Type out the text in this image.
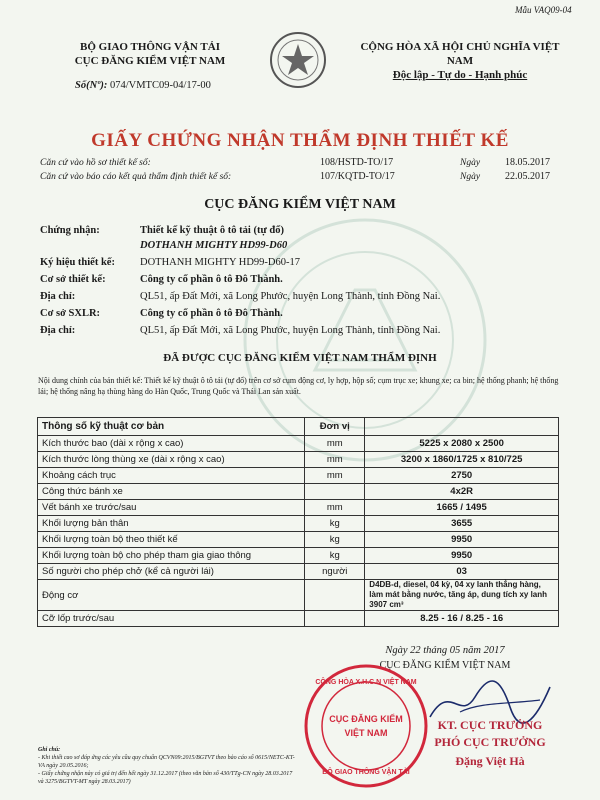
Mẫu VAQ09-04
BỘ GIAO THÔNG VẬN TẢI
CỤC ĐĂNG KIỂM VIỆT NAM
CỘNG HÒA XÃ HỘI CHỦ NGHĨA VIỆT NAM
Độc lập - Tự do - Hạnh phúc
Số(Nº): 074/VMTC09-04/17-00
GIẤY CHỨNG NHẬN THẨM ĐỊNH THIẾT KẾ
Căn cứ vào hồ sơ thiết kế số:	108/HSTD-TO/17	Ngày 18.05.2017
Căn cứ vào báo cáo kết quả thẩm định thiết kế số:	107/KQTD-TO/17	Ngày 22.05.2017
CỤC ĐĂNG KIỂM VIỆT NAM
Chứng nhận:	Thiết kế kỹ thuật ô tô tải (tự đổ)
DOTHANH MIGHTY HD99-D60
Ký hiệu thiết kế: DOTHANH MIGHTY HD99-D60-17
Cơ sở thiết kế:	Công ty cổ phần ô tô Đô Thành.
Địa chỉ:	QL51, ấp Đất Mới, xã Long Phước, huyện Long Thành, tỉnh Đồng Nai.
Cơ sở SXLR:	Công ty cổ phần ô tô Đô Thành.
Địa chỉ:	QL51, ấp Đất Mới, xã Long Phước, huyện Long Thành, tỉnh Đồng Nai.
ĐÃ ĐƯỢC CỤC ĐĂNG KIỂM VIỆT NAM THẨM ĐỊNH
Nội dung chính của bản thiết kế: Thiết kế kỹ thuật ô tô tải (tự đổ) trên cơ sở cụm động cơ, ly hợp, hộp số; cụm trục xe; khung xe; ca bin; hệ thống phanh; hệ thống lái; hệ thống nâng hạ thùng hàng do Hàn Quốc, Trung Quốc và Thái Lan sản xuất.
Thông số kỹ thuật cơ bản	Đơn vị	
Kích thước bao (dài x rộng x cao)	mm	5225 x 2080 x 2500
Kích thước lòng thùng xe (dài x rộng x cao)	mm	3200 x 1860/1725 x 810/725
Khoảng cách trục	mm	2750
Công thức bánh xe		4x2R
Vết bánh xe trước/sau	mm	1665 / 1495
Khối lượng bản thân	kg	3655
Khối lượng toàn bộ theo thiết kế	kg	9950
Khối lượng toàn bộ cho phép tham gia giao thông	kg	9950
Số người cho phép chở (kể cả người lái)	người	03
Động cơ		D4DB-d, diesel, 04 kỳ, 04 xy lanh thẳng hàng, làm mát bằng nước, tăng áp, dung tích xy lanh 3907 cm³
Cỡ lốp trước/sau		8.25 - 16 / 8.25 - 16
Ngày 22 tháng 05 năm 2017
CỤC ĐĂNG KIỂM VIỆT NAM
CỘNG HÒA X.H.C.N VIỆT NAM
CỤC ĐĂNG KIỂM
VIỆT NAM
BỘ GIAO THÔNG VẬN TẢI
KT. CỤC TRƯỞNG
PHÓ CỤC TRƯỞNG
Đặng Việt Hà
Ghi chú:
- Khi thiết cao sơ đáp ứng các yêu cầu quy chuẩn QCVN09:2015/BGTVT theo bảo cáo số 0615/NETC-KT-VA ngày 20.05.2016;
- Giấy chứng nhận này có giá trị đến hết ngày 31.12.2017 (theo văn bản số 430/TTg-CN ngày 28.03.2017 và 3275/BGTVT-MT ngày 28.03.2017)
